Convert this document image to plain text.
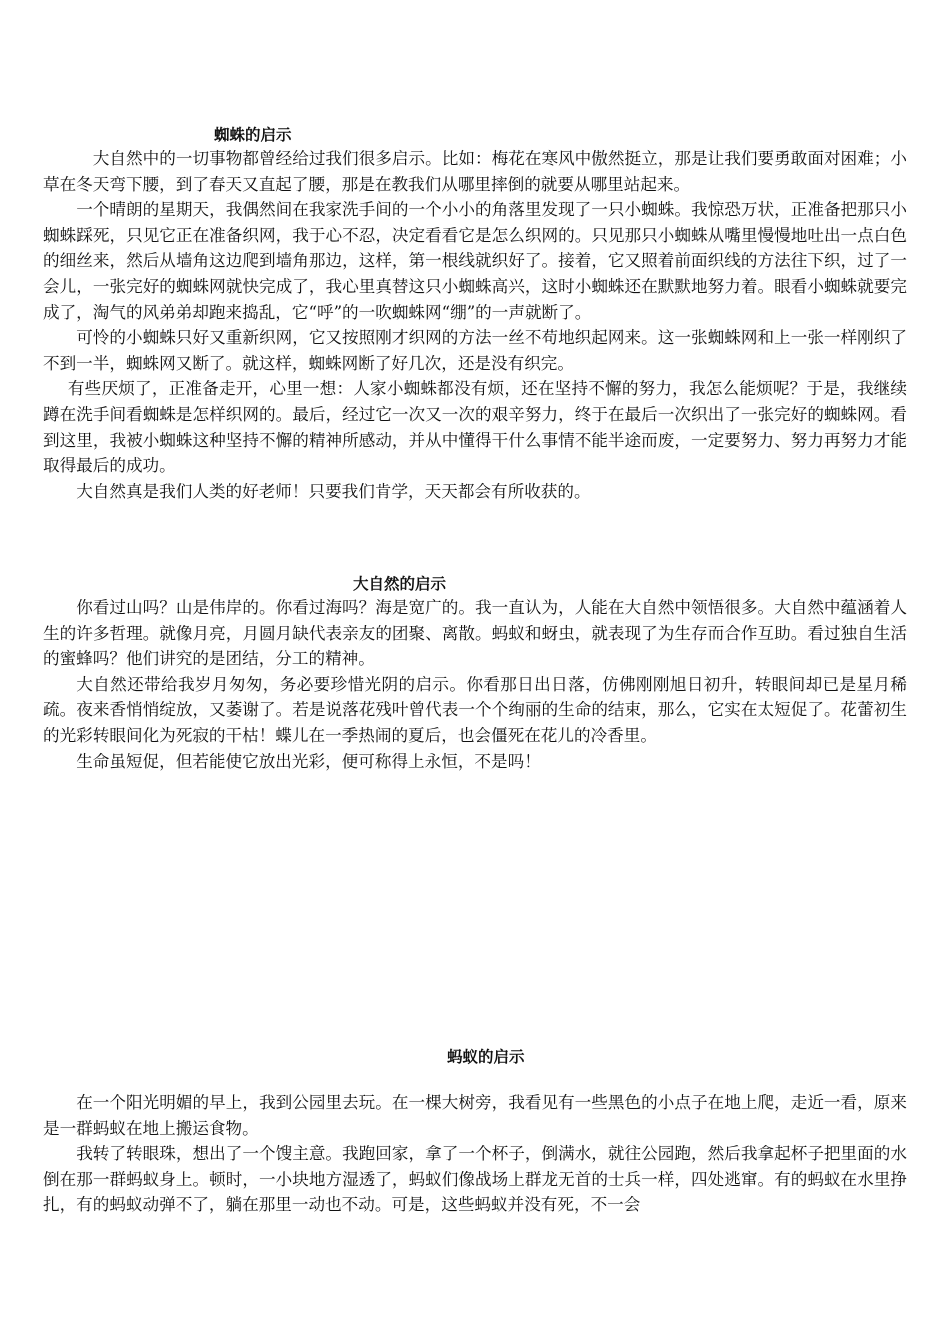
蜘蛛的启示

大自然中的一切事物都曾经给过我们很多启示。比如：梅花在寒风中傲然挺立，那是让我们要勇敢面对困难；小草在冬天弯下腰，到了春天又直起了腰，那是在教我们从哪里摔倒的就要从哪里站起来。

一个晴朗的星期天，我偶然间在我家洗手间的一个小小的角落里发现了一只小蜘蛛。我惊恐万状，正准备把那只小蜘蛛踩死，只见它正在准备织网，我于心不忍，决定看看它是怎么织网的。只见那只小蜘蛛从嘴里慢慢地吐出一点白色的细丝来，然后从墙角这边爬到墙角那边，这样，第一根线就织好了。接着，它又照着前面织线的方法往下织，过了一会儿，一张完好的蜘蛛网就快完成了，我心里真替这只小蜘蛛高兴，这时小蜘蛛还在默默地努力着。眼看小蜘蛛就要完成了，淘气的风弟弟却跑来捣乱，它“呼”的一吹蜘蛛网“绷”的一声就断了。

可怜的小蜘蛛只好又重新织网，它又按照刚才织网的方法一丝不苟地织起网来。这一张蜘蛛网和上一张一样刚织了不到一半，蜘蛛网又断了。就这样，蜘蛛网断了好几次，还是没有织完。

有些厌烦了，正准备走开，心里一想：人家小蜘蛛都没有烦，还在坚持不懈的努力，我怎么能烦呢？于是，我继续蹲在洗手间看蜘蛛是怎样织网的。最后，经过它一次又一次的艰辛努力，终于在最后一次织出了一张完好的蜘蛛网。看到这里，我被小蜘蛛这种坚持不懈的精神所感动，并从中懂得干什么事情不能半途而废，一定要努力、努力再努力才能取得最后的成功。

大自然真是我们人类的好老师！只要我们肯学，天天都会有所收获的。

大自然的启示

你看过山吗？山是伟岸的。你看过海吗？海是宽广的。我一直认为，人能在大自然中领悟很多。大自然中蕴涵着人生的许多哲理。就像月亮，月圆月缺代表亲友的团聚、离散。蚂蚁和蚜虫，就表现了为生存而合作互助。看过独自生活的蜜蜂吗？他们讲究的是团结，分工的精神。

大自然还带给我岁月匆匆，务必要珍惜光阴的启示。你看那日出日落，仿佛刚刚旭日初升，转眼间却已是星月稀疏。夜来香悄悄绽放，又萎谢了。若是说落花残叶曾代表一个个绚丽的生命的结束，那么，它实在太短促了。花蕾初生的光彩转眼间化为死寂的干枯！蝶儿在一季热闹的夏后，也会僵死在花儿的冷香里。

生命虽短促，但若能使它放出光彩，便可称得上永恒，不是吗！

蚂蚁的启示

在一个阳光明媚的早上，我到公园里去玩。在一棵大树旁，我看见有一些黑色的小点子在地上爬，走近一看，原来是一群蚂蚁在地上搬运食物。

我转了转眼珠，想出了一个馊主意。我跑回家，拿了一个杯子，倒满水，就往公园跑，然后我拿起杯子把里面的水倒在那一群蚂蚁身上。顿时，一小块地方湿透了，蚂蚁们像战场上群龙无首的士兵一样，四处逃窜。有的蚂蚁在水里挣扎，有的蚂蚁动弹不了，躺在那里一动也不动。可是，这些蚂蚁并没有死，不一会
